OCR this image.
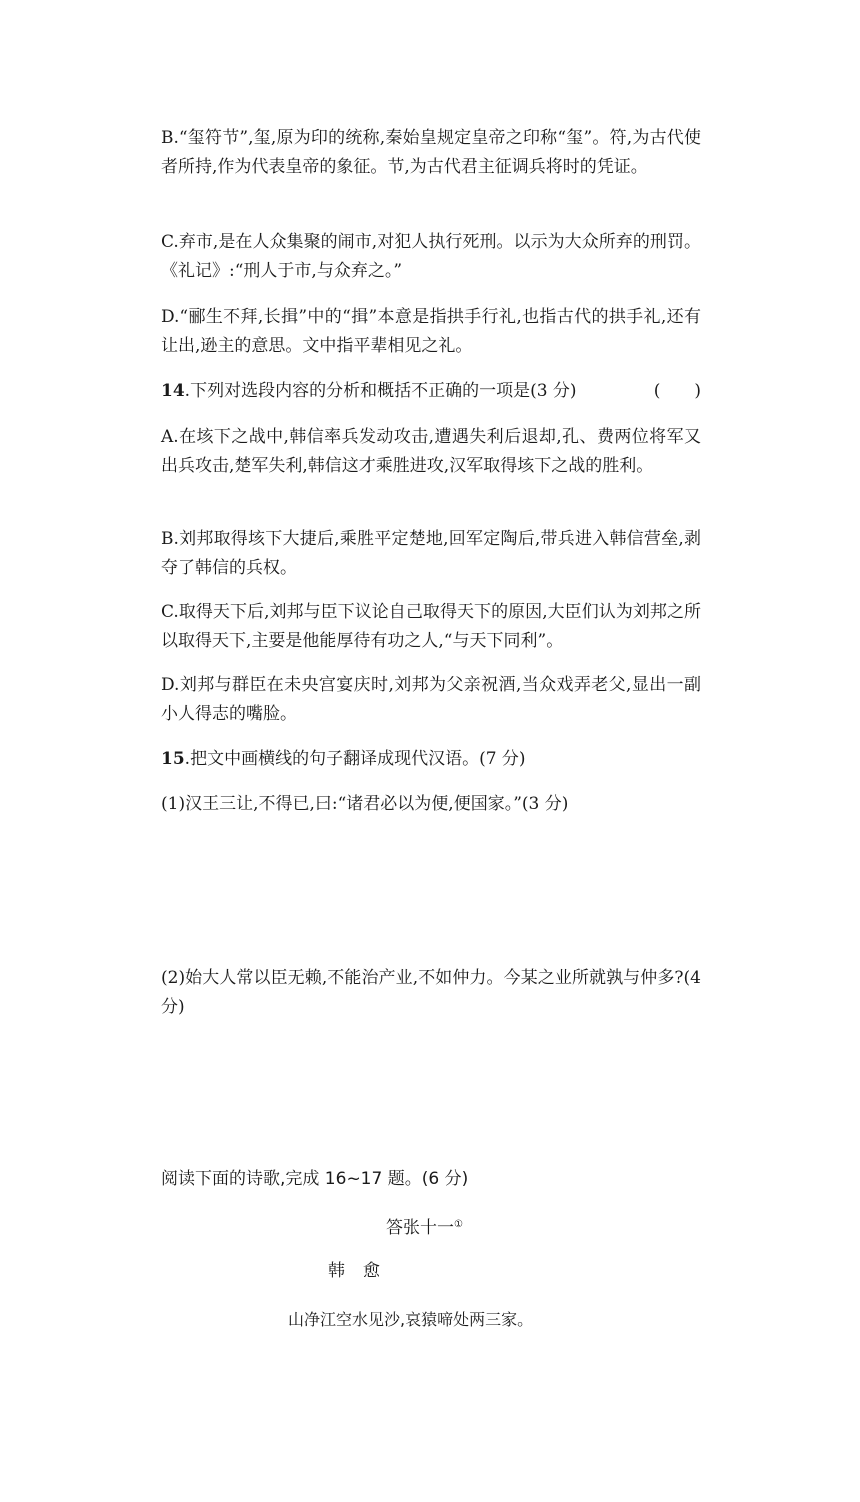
B.“玺符节”,玺,原为印的统称,秦始皇规定皇帝之印称“玺”。符,为古代使者所持,作为代表皇帝的象征。节,为古代君主征调兵将时的凭证。

C.弃市,是在人众集聚的闹市,对犯人执行死刑。以示为大众所弃的刑罚。《礼记》:“刑人于市,与众弃之。”

D.“郦生不拜,长揖”中的“揖”本意是指拱手行礼,也指古代的拱手礼,还有让出,逊主的意思。文中指平辈相见之礼。

14.下列对选段内容的分析和概括不正确的一项是(3 分)	(　　)

A.在垓下之战中,韩信率兵发动攻击,遭遇失利后退却,孔、费两位将军又出兵攻击,楚军失利,韩信这才乘胜进攻,汉军取得垓下之战的胜利。

B.刘邦取得垓下大捷后,乘胜平定楚地,回军定陶后,带兵进入韩信营垒,剥夺了韩信的兵权。

C.取得天下后,刘邦与臣下议论自己取得天下的原因,大臣们认为刘邦之所以取得天下,主要是他能厚待有功之人,“与天下同利”。

D.刘邦与群臣在未央宫宴庆时,刘邦为父亲祝酒,当众戏弄老父,显出一副小人得志的嘴脸。

15.把文中画横线的句子翻译成现代汉语。(7 分)

(1)汉王三让,不得已,曰:“诸君必以为便,便国家。”(3 分)

(2)始大人常以臣无赖,不能治产业,不如仲力。今某之业所就孰与仲多?(4 分)

阅读下面的诗歌,完成 16~17 题。(6 分)
答张十一①
韩愈
山净江空水见沙,哀猿啼处两三家。
